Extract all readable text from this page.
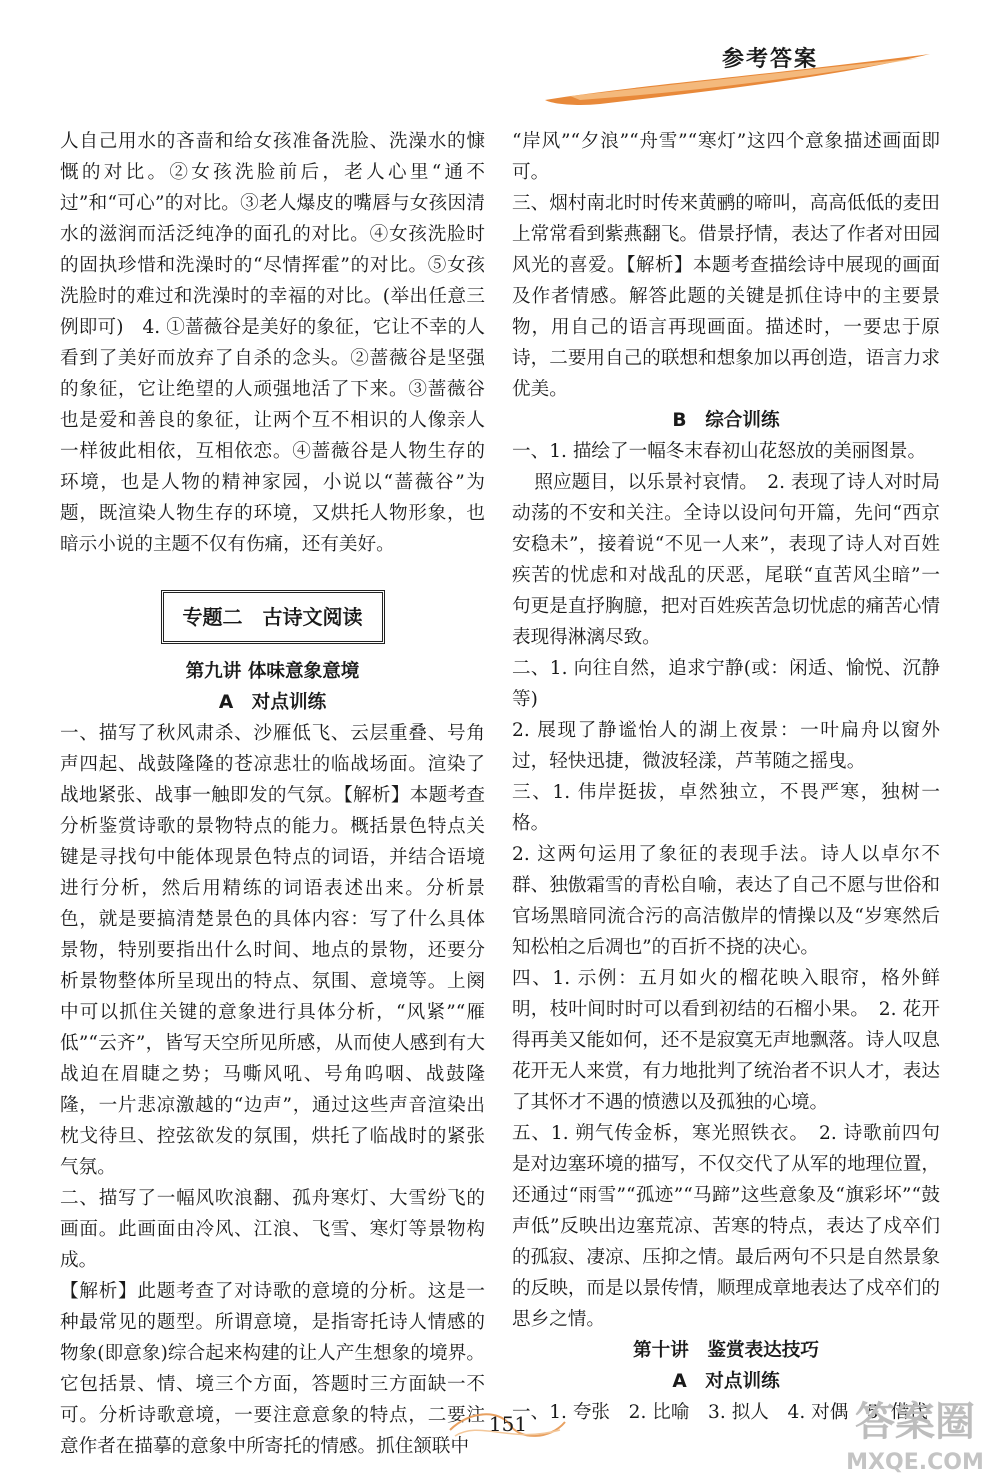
参考答案

人自己用水的吝啬和给女孩准备洗脸、洗澡水的慷慨的对比。②女孩洗脸前后，老人心里“通不过”和“可心”的对比。③老人爆皮的嘴唇与女孩因清水的滋润而活泛纯净的面孔的对比。④女孩洗脸时的固执珍惜和洗澡时的“尽情挥霍”的对比。⑤女孩洗脸时的难过和洗澡时的幸福的对比。(举出任意三例即可)　4. ①蔷薇谷是美好的象征，它让不幸的人看到了美好而放弃了自杀的念头。②蔷薇谷是坚强的象征，它让绝望的人顽强地活了下来。③蔷薇谷也是爱和善良的象征，让两个互不相识的人像亲人一样彼此相依，互相依恋。④蔷薇谷是人物生存的环境，也是人物的精神家园，小说以“蔷薇谷”为题，既渲染人物生存的环境，又烘托人物形象，也暗示小说的主题不仅有伤痛，还有美好。

专题二　古诗文阅读

第九讲 体味意象意境

A　对点训练

一、描写了秋风肃杀、沙雁低飞、云层重叠、号角声四起、战鼓隆隆的苍凉悲壮的临战场面。渲染了战地紧张、战事一触即发的气氛。【解析】本题考查分析鉴赏诗歌的景物特点的能力。概括景色特点关键是寻找句中能体现景色特点的词语，并结合语境进行分析，然后用精练的词语表述出来。分析景色，就是要搞清楚景色的具体内容：写了什么具体景物，特别要指出什么时间、地点的景物，还要分析景物整体所呈现出的特点、氛围、意境等。上阕中可以抓住关键的意象进行具体分析，“风紧”“雁低”“云齐”，皆写天空所见所感，从而使人感到有大战迫在眉睫之势；马嘶风吼、号角呜咽、战鼓隆隆，一片悲凉激越的“边声”，通过这些声音渲染出枕戈待旦、控弦欲发的氛围，烘托了临战时的紧张气氛。

二、描写了一幅风吹浪翻、孤舟寒灯、大雪纷飞的画面。此画面由冷风、江浪、飞雪、寒灯等景物构成。

【解析】此题考查了对诗歌的意境的分析。这是一种最常见的题型。所谓意境，是指寄托诗人情感的物象(即意象)综合起来构建的让人产生想象的境界。它包括景、情、境三个方面，答题时三方面缺一不可。分析诗歌意境，一要注意意象的特点，二要注意作者在描摹的意象中所寄托的情感。抓住颔联中

“岸风”“夕浪”“舟雪”“寒灯”这四个意象描述画面即可。

三、烟村南北时时传来黄鹂的啼叫，高高低低的麦田上常常看到紫燕翻飞。借景抒情，表达了作者对田园风光的喜爱。【解析】本题考查描绘诗中展现的画面及作者情感。解答此题的关键是抓住诗中的主要景物，用自己的语言再现画面。描述时，一要忠于原诗，二要用自己的联想和想象加以再创造，语言力求优美。

B　综合训练

一、1. 描绘了一幅冬末春初山花怒放的美丽图景。

照应题目，以乐景衬哀情。　2. 表现了诗人对时局动荡的不安和关注。全诗以设问句开篇，先问“西京安稳未”，接着说“不见一人来”，表现了诗人对百姓疾苦的忧虑和对战乱的厌恶，尾联“直苦风尘暗”一句更是直抒胸臆，把对百姓疾苦急切忧虑的痛苦心情表现得淋漓尽致。

二、1. 向往自然，追求宁静(或：闲适、愉悦、沉静等)

2. 展现了静谧怡人的湖上夜景：一叶扁舟以窗外过，轻快迅捷，微波轻漾，芦苇随之摇曳。

三、1. 伟岸挺拔，卓然独立，不畏严寒，独树一格。

2. 这两句运用了象征的表现手法。诗人以卓尔不群、独傲霜雪的青松自喻，表达了自己不愿与世俗和官场黑暗同流合污的高洁傲岸的情操以及“岁寒然后知松柏之后凋也”的百折不挠的决心。

四、1. 示例：五月如火的榴花映入眼帘，格外鲜明，枝叶间时时可以看到初结的石榴小果。　2. 花开得再美又能如何，还不是寂寞无声地飘落。诗人叹息花开无人来赏，有力地批判了统治者不识人才，表达了其怀才不遇的愤懑以及孤独的心境。

五、1. 朔气传金柝，寒光照铁衣。　2. 诗歌前四句是对边塞环境的描写，不仅交代了从军的地理位置，还通过“雨雪”“孤迹”“马蹄”这些意象及“旗彩坏”“鼓声低”反映出边塞荒凉、苦寒的特点，表达了戍卒们的孤寂、凄凉、压抑之情。最后两句不只是自然景象的反映，而是以景传情，顺理成章地表达了戍卒们的思乡之情。

第十讲　鉴赏表达技巧

A　对点训练

一、1. 夸张　2. 比喻　3. 拟人　4. 对偶　5. 借代

151	答案圈
MXQE.COM
